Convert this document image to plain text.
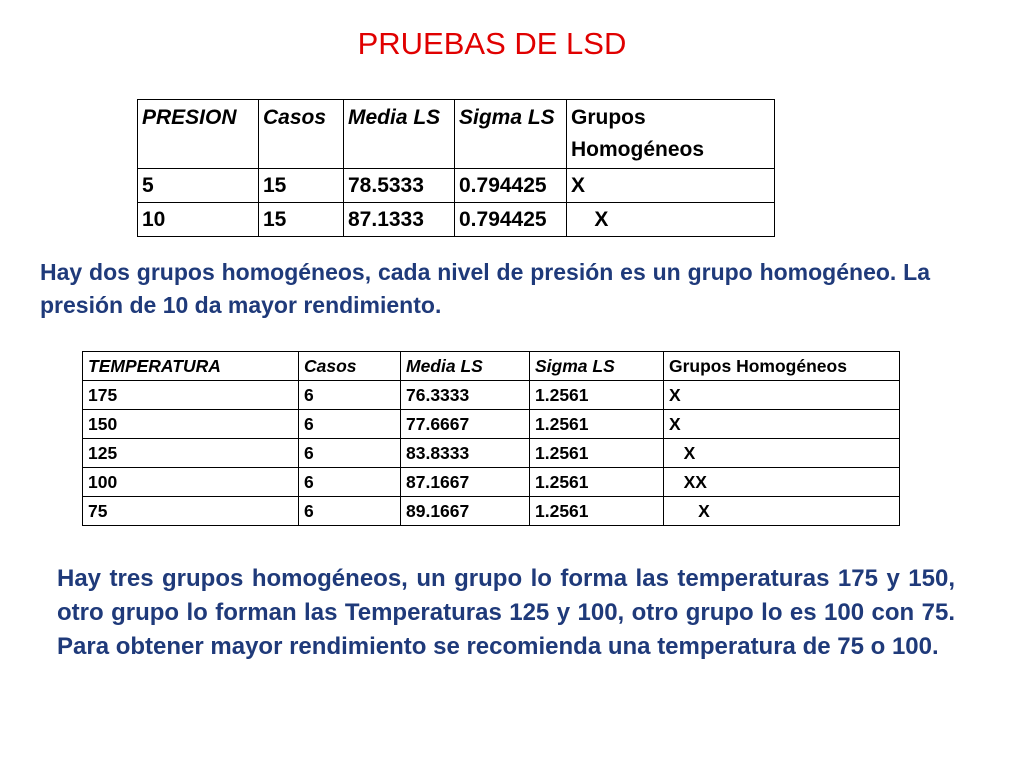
PRUEBAS DE LSD
PRESION	Casos	Media LS	Sigma LS	Grupos Homogéneos
5	15	78.5333	0.794425	X
10	15	87.1333	0.794425	X
Hay dos grupos homogéneos, cada nivel de presión es un grupo homogéneo. La presión de 10 da mayor rendimiento.
TEMPERATURA	Casos	Media LS	Sigma LS	Grupos Homogéneos
175	6	76.3333	1.2561	X
150	6	77.6667	1.2561	X
125	6	83.8333	1.2561	X
100	6	87.1667	1.2561	XX
75	6	89.1667	1.2561	X
Hay tres grupos homogéneos, un grupo lo forma las temperaturas 175 y 150, otro grupo lo forman las Temperaturas 125 y 100, otro grupo lo es 100 con 75. Para obtener mayor rendimiento se recomienda una temperatura de 75 o 100.
